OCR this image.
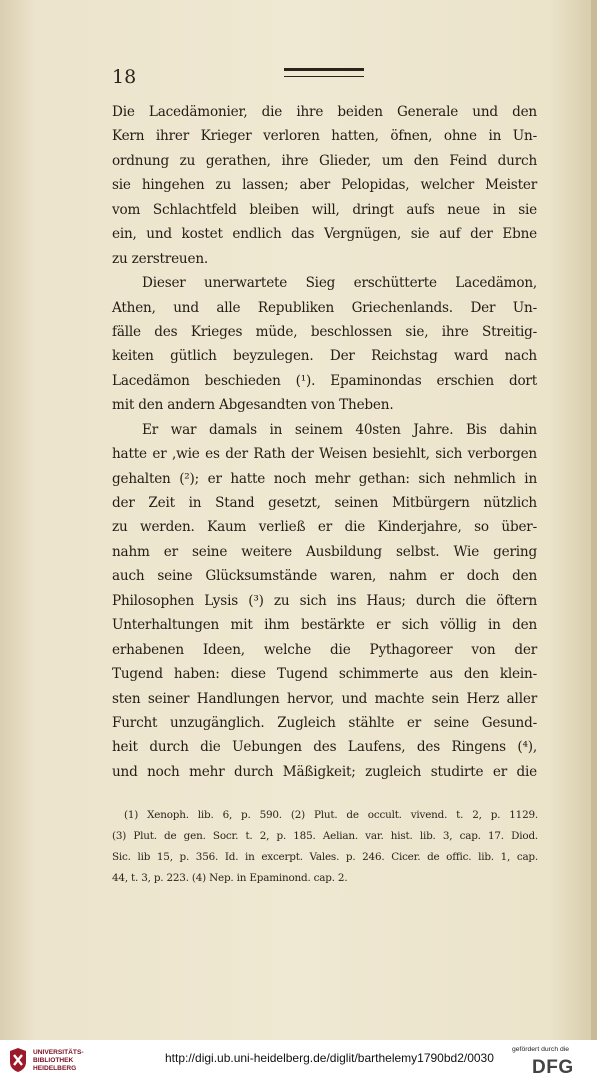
18
Die Lacedämonier, die ihre beiden Generale und den
Kern ihrer Krieger verloren hatten, öfnen, ohne in Un-
ordnung zu gerathen, ihre Glieder, um den Feind durch
sie hingehen zu lassen; aber Pelopidas, welcher Meister
vom Schlachtfeld bleiben will, dringt aufs neue in sie
ein, und kostet endlich das Vergnügen, sie auf der Ebne
zu zerstreuen.
Dieser unerwartete Sieg erschütterte Lacedämon,
Athen, und alle Republiken Griechenlands. Der Un-
fälle des Krieges müde, beschlossen sie, ihre Streitig-
keiten gütlich beyzulegen. Der Reichstag ward nach
Lacedämon beschieden (¹). Epaminondas erschien dort
mit den andern Abgesandten von Theben.
Er war damals in seinem 40sten Jahre. Bis dahin
hatte er ,wie es der Rath der Weisen besiehlt, sich verborgen
gehalten (²); er hatte noch mehr gethan: sich nehmlich in
der Zeit in Stand gesetzt, seinen Mitbürgern nützlich
zu werden. Kaum verließ er die Kinderjahre, so über-
nahm er seine weitere Ausbildung selbst. Wie gering
auch seine Glücksumstände waren, nahm er doch den
Philosophen Lysis (³) zu sich ins Haus; durch die öftern
Unterhaltungen mit ihm bestärkte er sich völlig in den
erhabenen Ideen, welche die Pythagoreer von der
Tugend haben: diese Tugend schimmerte aus den klein-
sten seiner Handlungen hervor, und machte sein Herz aller
Furcht unzugänglich. Zugleich stählte er seine Gesund-
heit durch die Uebungen des Laufens, des Ringens (⁴),
und noch mehr durch Mäßigkeit; zugleich studirte er die
(1) Xenoph. lib. 6, p. 590. (2) Plut. de occult. vivend. t. 2, p. 1129.
(3) Plut. de gen. Socr. t. 2, p. 185. Aelian. var. hist. lib. 3, cap. 17. Diod.
Sic. lib 15, p. 356. Id. in excerpt. Vales. p. 246. Cicer. de offic. lib. 1, cap.
44, t. 3, p. 223. (4) Nep. in Epaminond. cap. 2.
UNIVERSITÄTS-
BIBLIOTHEK
HEIDELBERG
http://digi.ub.uni-heidelberg.de/diglit/barthelemy1790bd2/0030
gefördert durch die
DFG
